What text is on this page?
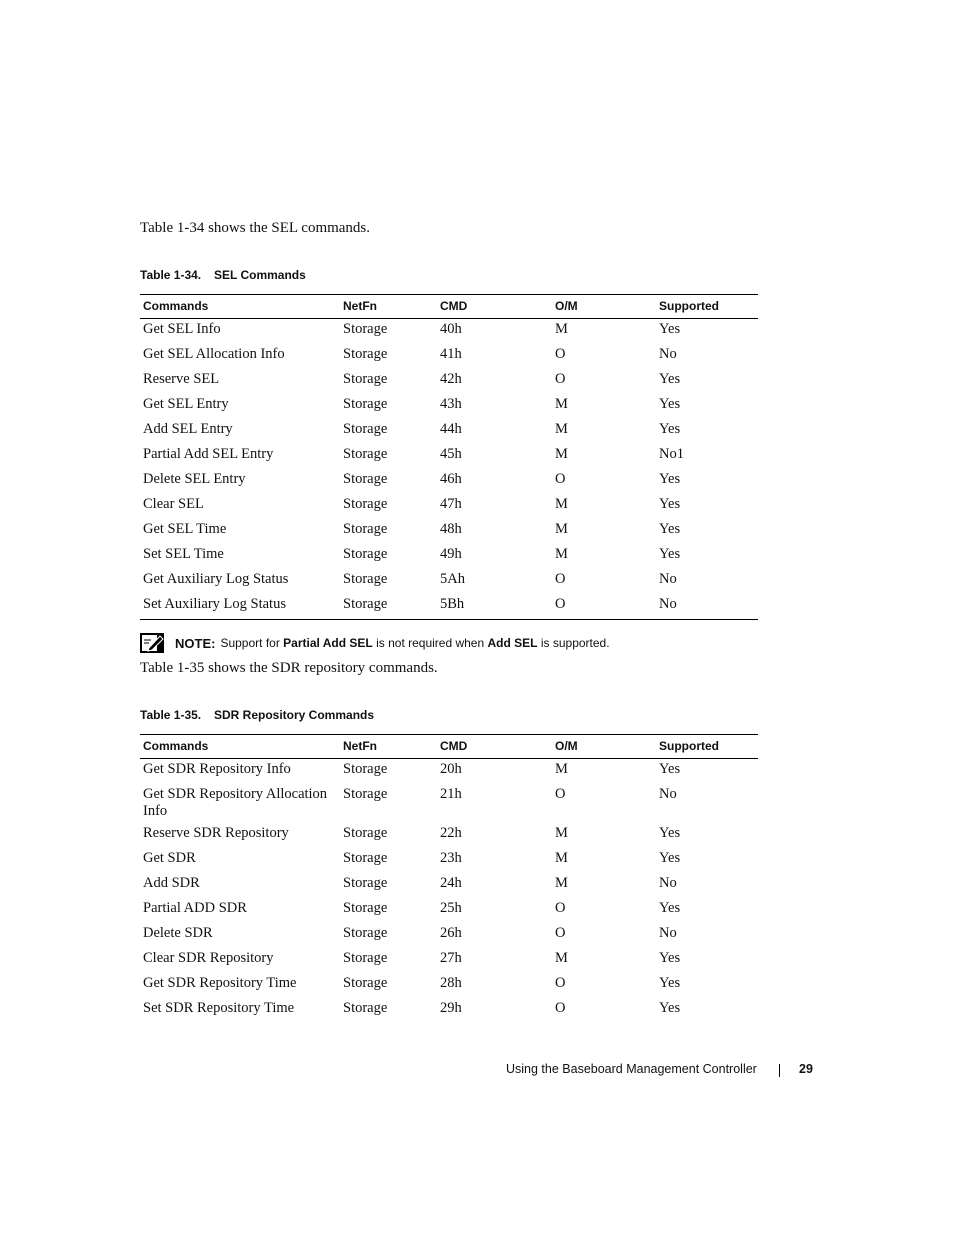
Table 1-34 shows the SEL commands.
Table 1-34. SEL Commands
Commands	NetFn	CMD	O/M	Supported
Get SEL Info	Storage	40h	M	Yes
Get SEL Allocation Info	Storage	41h	O	No
Reserve SEL	Storage	42h	O	Yes
Get SEL Entry	Storage	43h	M	Yes
Add SEL Entry	Storage	44h	M	Yes
Partial Add SEL Entry	Storage	45h	M	No1
Delete SEL Entry	Storage	46h	O	Yes
Clear SEL	Storage	47h	M	Yes
Get SEL Time	Storage	48h	M	Yes
Set SEL Time	Storage	49h	M	Yes
Get Auxiliary Log Status	Storage	5Ah	O	No
Set Auxiliary Log Status	Storage	5Bh	O	No
NOTE: Support for Partial Add SEL is not required when Add SEL is supported.
Table 1-35 shows the SDR repository commands.
Table 1-35. SDR Repository Commands
Commands	NetFn	CMD	O/M	Supported
Get SDR Repository Info	Storage	20h	M	Yes
Get SDR Repository Allocation Info	Storage	21h	O	No
Reserve SDR Repository	Storage	22h	M	Yes
Get SDR	Storage	23h	M	Yes
Add SDR	Storage	24h	M	No
Partial ADD SDR	Storage	25h	O	Yes
Delete SDR	Storage	26h	O	No
Clear SDR Repository	Storage	27h	M	Yes
Get SDR Repository Time	Storage	28h	O	Yes
Set SDR Repository Time	Storage	29h	O	Yes
Using the Baseboard Management Controller	29
